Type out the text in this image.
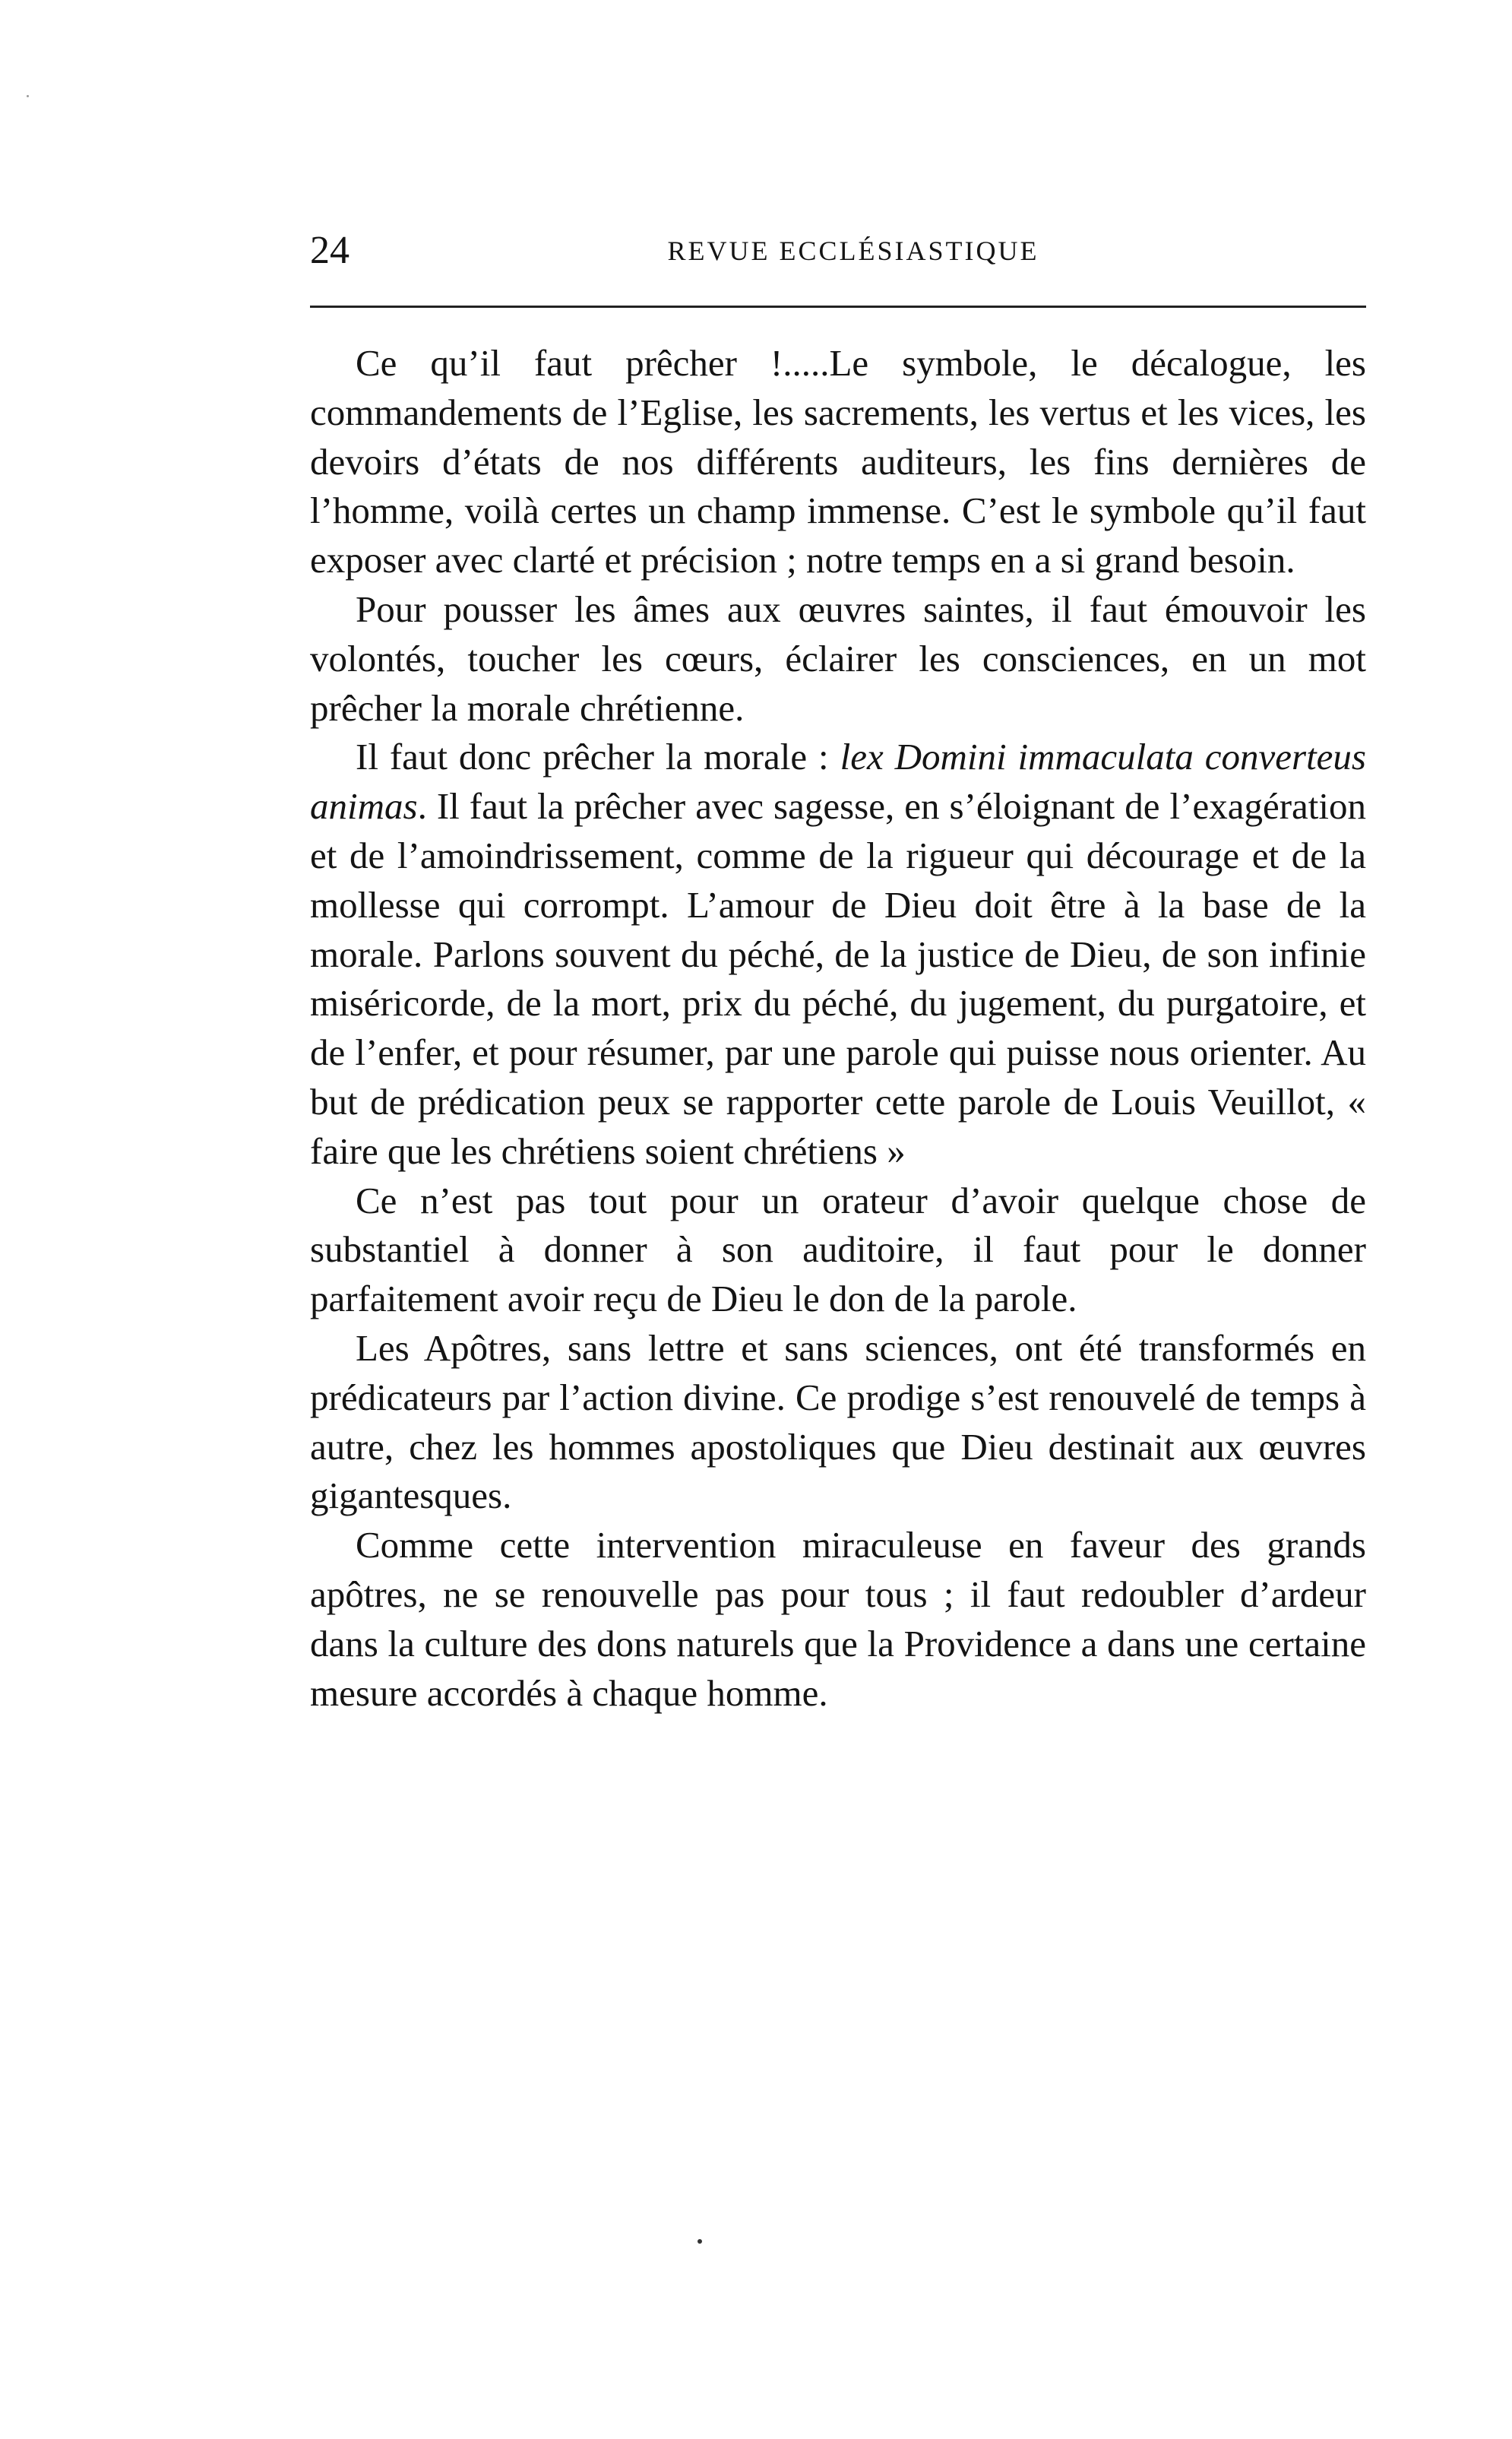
24	REVUE ECCLÉSIASTIQUE

Ce qu’il faut prêcher !.....Le symbole, le décalogue, les commandements de l’Eglise, les sacrements, les vertus et les vices, les devoirs d’états de nos différents auditeurs, les fins dernières de l’homme, voilà certes un champ immense. C’est le symbole qu’il faut exposer avec clarté et précision ; notre temps en a si grand besoin.

Pour pousser les âmes aux œuvres saintes, il faut émouvoir les volontés, toucher les cœurs, éclairer les consciences, en un mot prêcher la morale chrétienne.

Il faut donc prêcher la morale : lex Domini immaculata converteus animas. Il faut la prêcher avec sagesse, en s’éloignant de l’exagération et de l’amoindrissement, comme de la rigueur qui décourage et de la mollesse qui corrompt. L’amour de Dieu doit être à la base de la morale. Parlons souvent du péché, de la justice de Dieu, de son infinie miséricorde, de la mort, prix du péché, du jugement, du purgatoire, et de l’enfer, et pour résumer, par une parole qui puisse nous orienter. Au but de prédication peux se rapporter cette parole de Louis Veuillot, « faire que les chrétiens soient chrétiens »

Ce n’est pas tout pour un orateur d’avoir quelque chose de substantiel à donner à son auditoire, il faut pour le donner parfaitement avoir reçu de Dieu le don de la parole.

Les Apôtres, sans lettre et sans sciences, ont été transformés en prédicateurs par l’action divine. Ce prodige s’est renouvelé de temps à autre, chez les hommes apostoliques que Dieu destinait aux œuvres gigantesques.

Comme cette intervention miraculeuse en faveur des grands apôtres, ne se renouvelle pas pour tous ; il faut redoubler d’ardeur dans la culture des dons naturels que la Providence a dans une certaine mesure accordés à chaque homme.
